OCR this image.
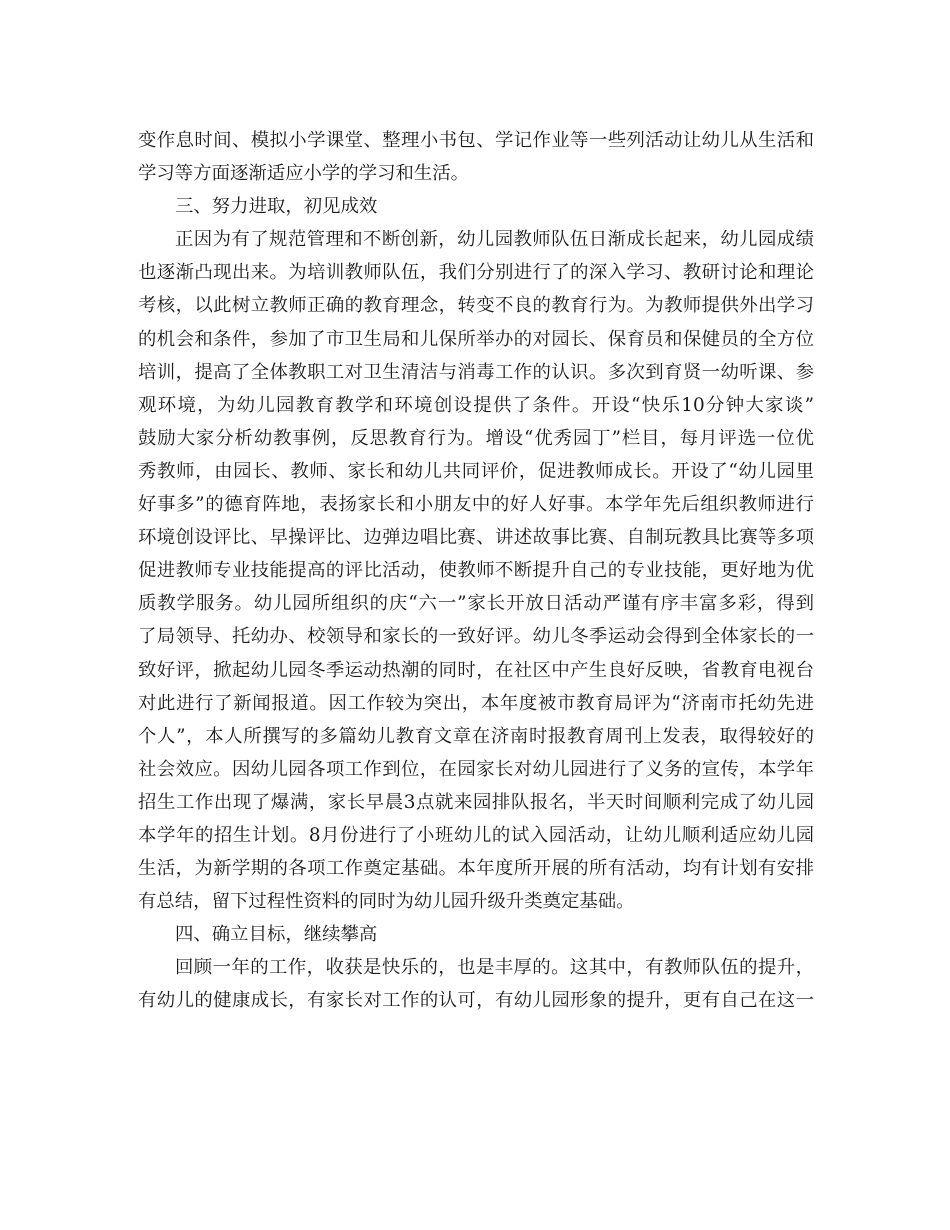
变作息时间、模拟小学课堂、整理小书包、学记作业等一些列活动让幼儿从生活和
学习等方面逐渐适应小学的学习和生活。
三、努力进取，初见成效
正因为有了规范管理和不断创新，幼儿园教师队伍日渐成长起来，幼儿园成绩
也逐渐凸现出来。为培训教师队伍，我们分别进行了的深入学习、教研讨论和理论
考核，以此树立教师正确的教育理念，转变不良的教育行为。为教师提供外出学习
的机会和条件，参加了市卫生局和儿保所举办的对园长、保育员和保健员的全方位
培训，提高了全体教职工对卫生清洁与消毒工作的认识。多次到育贤一幼听课、参
观环境，为幼儿园教育教学和环境创设提供了条件。开设“快乐10分钟大家谈”
鼓励大家分析幼教事例，反思教育行为。增设“优秀园丁”栏目，每月评选一位优
秀教师，由园长、教师、家长和幼儿共同评价，促进教师成长。开设了“幼儿园里
好事多”的德育阵地，表扬家长和小朋友中的好人好事。本学年先后组织教师进行
环境创设评比、早操评比、边弹边唱比赛、讲述故事比赛、自制玩教具比赛等多项
促进教师专业技能提高的评比活动，使教师不断提升自己的专业技能，更好地为优
质教学服务。幼儿园所组织的庆“六一”家长开放日活动严谨有序丰富多彩，得到
了局领导、托幼办、校领导和家长的一致好评。幼儿冬季运动会得到全体家长的一
致好评，掀起幼儿园冬季运动热潮的同时，在社区中产生良好反映，省教育电视台
对此进行了新闻报道。因工作较为突出，本年度被市教育局评为“济南市托幼先进
个人”，本人所撰写的多篇幼儿教育文章在济南时报教育周刊上发表，取得较好的
社会效应。因幼儿园各项工作到位，在园家长对幼儿园进行了义务的宣传，本学年
招生工作出现了爆满，家长早晨3点就来园排队报名，半天时间顺利完成了幼儿园
本学年的招生计划。8月份进行了小班幼儿的试入园活动，让幼儿顺利适应幼儿园
生活，为新学期的各项工作奠定基础。本年度所开展的所有活动，均有计划有安排
有总结，留下过程性资料的同时为幼儿园升级升类奠定基础。
四、确立目标，继续攀高
回顾一年的工作，收获是快乐的，也是丰厚的。这其中，有教师队伍的提升，
有幼儿的健康成长，有家长对工作的认可，有幼儿园形象的提升，更有自己在这一
